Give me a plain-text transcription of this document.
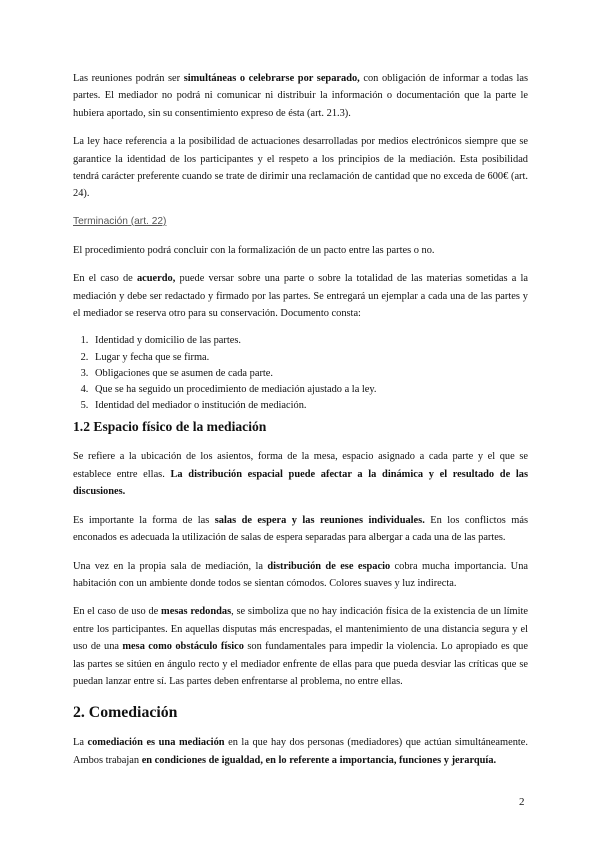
Las reuniones podrán ser simultáneas o celebrarse por separado, con obligación de informar a todas las partes. El mediador no podrá ni comunicar ni distribuir la información o documentación que la parte le hubiera aportado, sin su consentimiento expreso de ésta (art. 21.3).

La ley hace referencia a la posibilidad de actuaciones desarrolladas por medios electrónicos siempre que se garantice la identidad de los participantes y el respeto a los principios de la mediación. Esta posibilidad tendrá carácter preferente cuando se trate de dirimir una reclamación de cantidad que no exceda de 600€ (art. 24).

Terminación (art. 22)

El procedimiento podrá concluir con la formalización de un pacto entre las partes o no.

En el caso de acuerdo, puede versar sobre una parte o sobre la totalidad de las materias sometidas a la mediación y debe ser redactado y firmado por las partes. Se entregará un ejemplar a cada una de las partes y el mediador se reserva otro para su conservación. Documento consta:

1. Identidad y domicilio de las partes.
2. Lugar y fecha que se firma.
3. Obligaciones que se asumen de cada parte.
4. Que se ha seguido un procedimiento de mediación ajustado a la ley.
5. Identidad del mediador o institución de mediación.
1.2 Espacio físico de la mediación

Se refiere a la ubicación de los asientos, forma de la mesa, espacio asignado a cada parte y el que se establece entre ellas. La distribución espacial puede afectar a la dinámica y el resultado de las discusiones.

Es importante la forma de las salas de espera y las reuniones individuales. En los conflictos más enconados es adecuada la utilización de salas de espera separadas para albergar a cada una de las partes.

Una vez en la propia sala de mediación, la distribución de ese espacio cobra mucha importancia. Una habitación con un ambiente donde todos se sientan cómodos. Colores suaves y luz indirecta.

En el caso de uso de mesas redondas, se simboliza que no hay indicación física de la existencia de un límite entre los participantes. En aquellas disputas más encrespadas, el mantenimiento de una distancia segura y el uso de una mesa como obstáculo físico son fundamentales para impedir la violencia. Lo apropiado es que las partes se sitúen en ángulo recto y el mediador enfrente de ellas para que pueda desviar las críticas que se puedan lanzar entre sí. Las partes deben enfrentarse al problema, no entre ellas.

2. Comediación

La comediación es una mediación en la que hay dos personas (mediadores) que actúan simultáneamente. Ambos trabajan en condiciones de igualdad, en lo referente a importancia, funciones y jerarquía.

2
